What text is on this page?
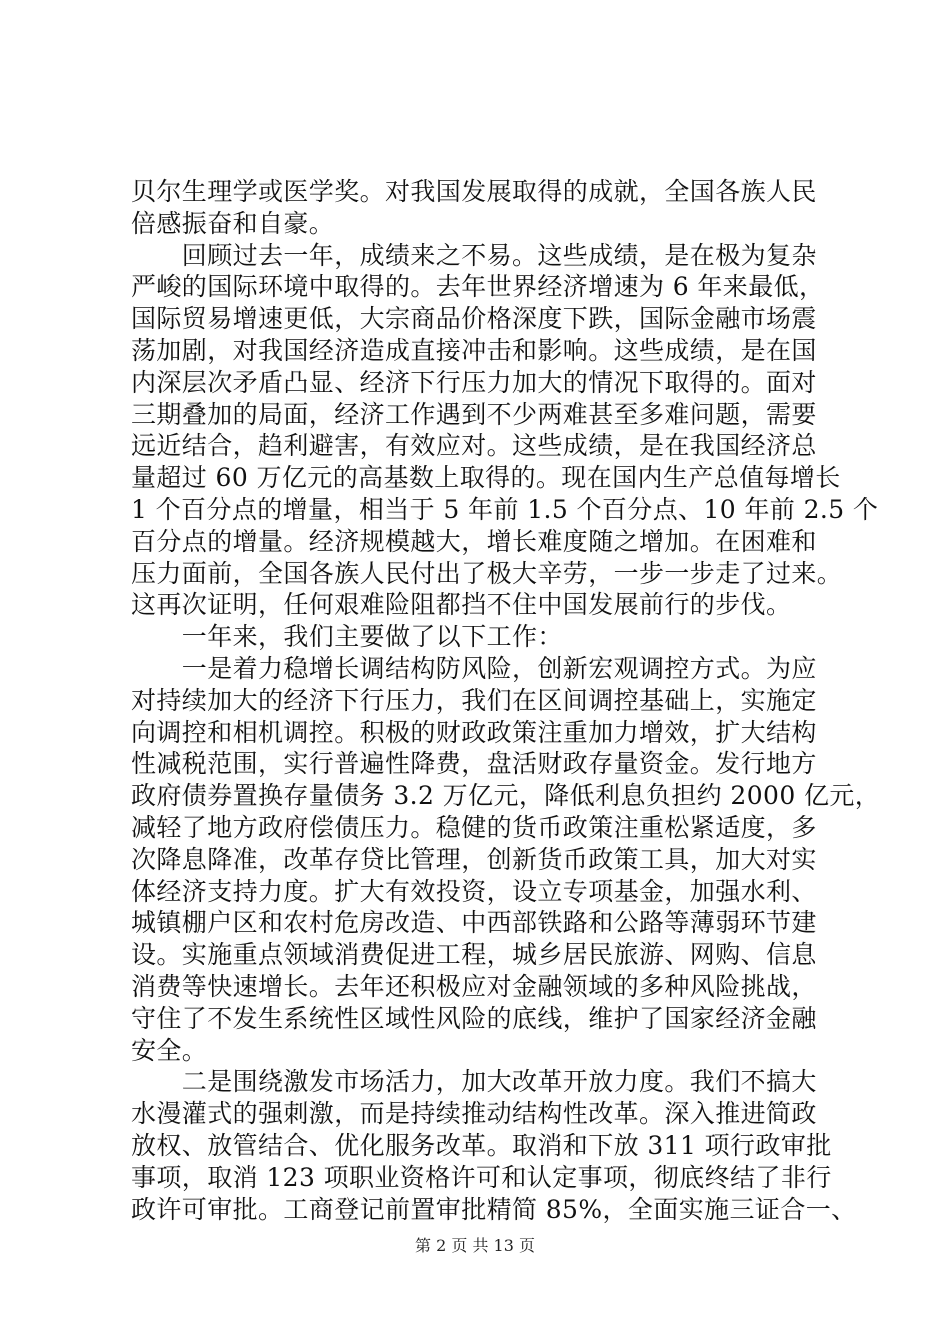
贝尔生理学或医学奖。对我国发展取得的成就，全国各族人民
倍感振奋和自豪。
　　回顾过去一年，成绩来之不易。这些成绩，是在极为复杂
严峻的国际环境中取得的。去年世界经济增速为 6 年来最低，
国际贸易增速更低，大宗商品价格深度下跌，国际金融市场震
荡加剧，对我国经济造成直接冲击和影响。这些成绩，是在国
内深层次矛盾凸显、经济下行压力加大的情况下取得的。面对
三期叠加的局面，经济工作遇到不少两难甚至多难问题，需要
远近结合，趋利避害，有效应对。这些成绩，是在我国经济总
量超过 60 万亿元的高基数上取得的。现在国内生产总值每增长
1 个百分点的增量，相当于 5 年前 1.5 个百分点、10 年前 2.5 个
百分点的增量。经济规模越大，增长难度随之增加。在困难和
压力面前，全国各族人民付出了极大辛劳，一步一步走了过来。
这再次证明，任何艰难险阻都挡不住中国发展前行的步伐。
　　一年来，我们主要做了以下工作：
　　一是着力稳增长调结构防风险，创新宏观调控方式。为应
对持续加大的经济下行压力，我们在区间调控基础上，实施定
向调控和相机调控。积极的财政政策注重加力增效，扩大结构
性减税范围，实行普遍性降费，盘活财政存量资金。发行地方
政府债券置换存量债务 3.2 万亿元，降低利息负担约 2000 亿元，
减轻了地方政府偿债压力。稳健的货币政策注重松紧适度，多
次降息降准，改革存贷比管理，创新货币政策工具，加大对实
体经济支持力度。扩大有效投资，设立专项基金，加强水利、
城镇棚户区和农村危房改造、中西部铁路和公路等薄弱环节建
设。实施重点领域消费促进工程，城乡居民旅游、网购、信息
消费等快速增长。去年还积极应对金融领域的多种风险挑战，
守住了不发生系统性区域性风险的底线，维护了国家经济金融
安全。
　　二是围绕激发市场活力，加大改革开放力度。我们不搞大
水漫灌式的强刺激，而是持续推动结构性改革。深入推进简政
放权、放管结合、优化服务改革。取消和下放 311 项行政审批
事项，取消 123 项职业资格许可和认定事项，彻底终结了非行
政许可审批。工商登记前置审批精简 85%，全面实施三证合一、
第 2 页 共 13 页
